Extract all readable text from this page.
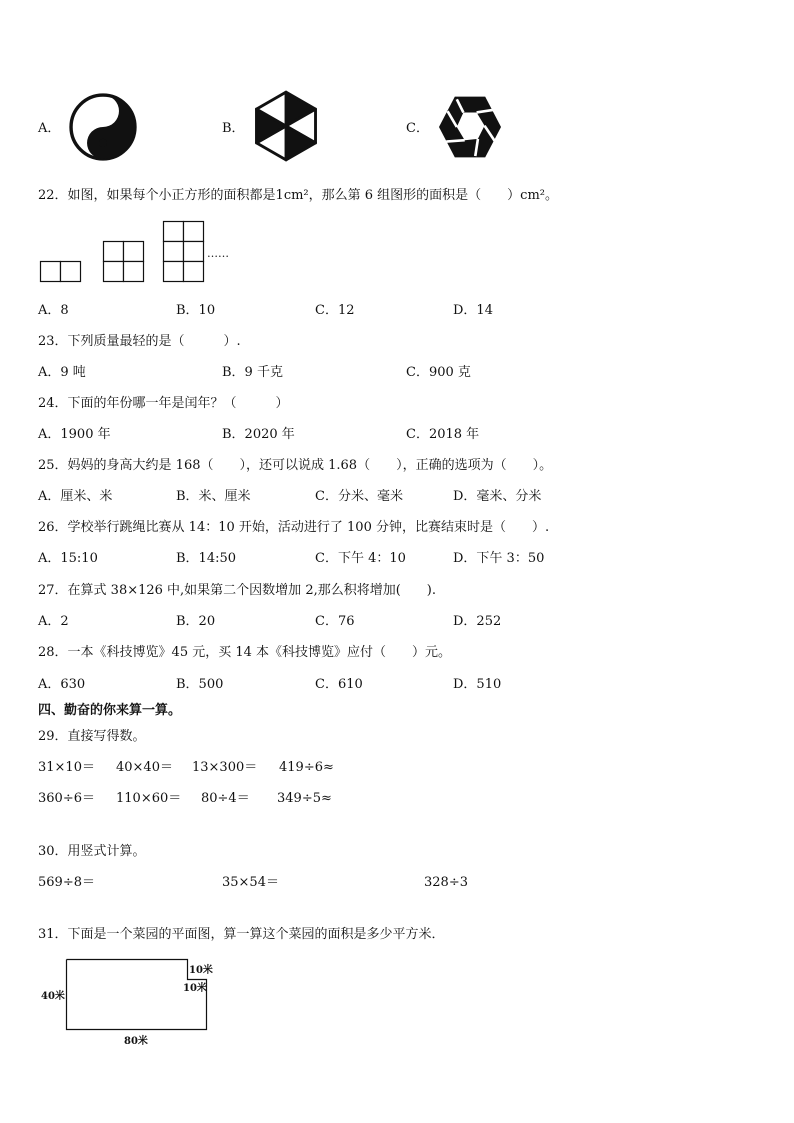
A．	B．	C．
22．如图，如果每个小正方形的面积都是1cm²，那么第 6 组图形的面积是（　　）cm²。
……
A．8	B．10	C．12	D．14
23．下列质量最轻的是（　　　）.
A．9 吨	B．9 千克	C．900 克
24．下面的年份哪一年是闰年？（　　　）
A．1900 年	B．2020 年	C．2018 年
25．妈妈的身高大约是 168（　　），还可以说成 1.68（　　），正确的选项为（　　）。
A．厘米、米	B．米、厘米	C．分米、毫米	D．毫米、分米
26．学校举行跳绳比赛从 14：10 开始，活动进行了 100 分钟，比赛结束时是（　　）.
A．15:10	B．14:50	C．下午 4：10	D．下午 3：50
27．在算式 38×126 中,如果第二个因数增加 2,那么积将增加(　　).
A．2	B．20	C．76	D．252
28．一本《科技博览》45 元，买 14 本《科技博览》应付（　　）元。
A．630	B．500	C．610	D．510
四、勤奋的你来算一算。
29．直接写得数。
31×10＝ 40×40＝ 13×300＝ 419÷6≈
360÷6＝ 110×60＝ 80÷4＝ 349÷5≈
30．用竖式计算。
569÷8＝	35×54＝	328÷3
31．下面是一个菜园的平面图，算一算这个菜园的面积是多少平方米．
40米
10米
10米
80米
